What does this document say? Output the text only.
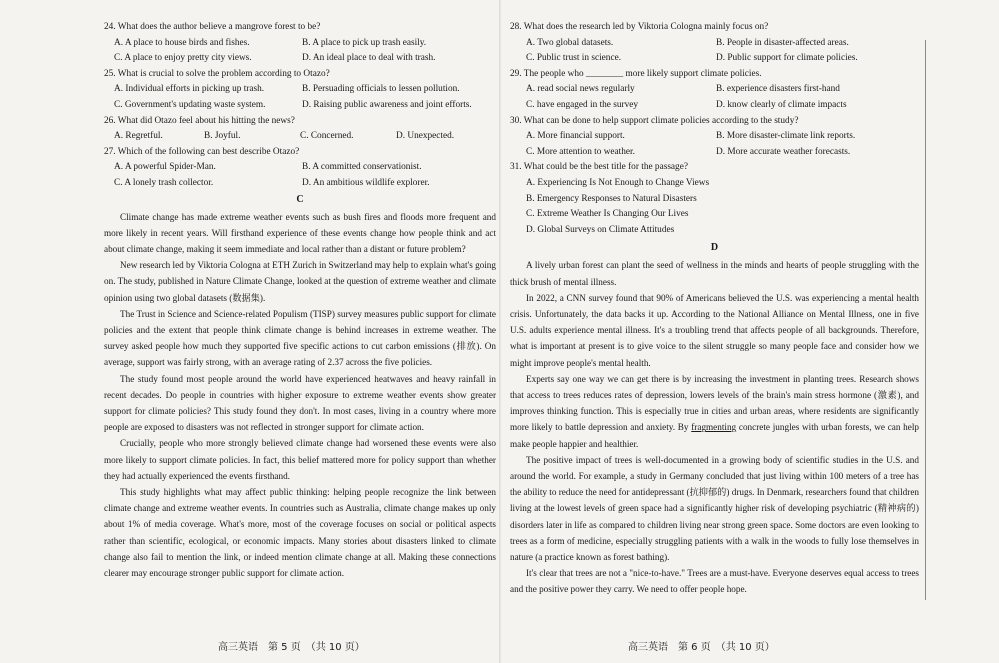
24. What does the author believe a mangrove forest to be?

A. A place to house birds and fishes.	B. A place to pick up trash easily.
C. A place to enjoy pretty city views.	D. An ideal place to deal with trash.

25. What is crucial to solve the problem according to Otazo?

A. Individual efforts in picking up trash.	B. Persuading officials to lessen pollution.
C. Government's updating waste system.	D. Raising public awareness and joint efforts.

26. What did Otazo feel about his hitting the news?

A. Regretful.	B. Joyful.	C. Concerned.	D. Unexpected.

27. Which of the following can best describe Otazo?

A. A powerful Spider-Man.	B. A committed conservationist.
C. A lonely trash collector.	D. An ambitious wildlife explorer.
C

Climate change has made extreme weather events such as bush fires and floods more frequent and more likely in recent years. Will firsthand experience of these events change how people think and act about climate change, making it seem immediate and local rather than a distant or future problem?

New research led by Viktoria Cologna at ETH Zurich in Switzerland may help to explain what's going on. The study, published in Nature Climate Change, looked at the question of extreme weather and climate opinion using two global datasets (数据集).

The Trust in Science and Science-related Populism (TISP) survey measures public support for climate policies and the extent that people think climate change is behind increases in extreme weather. The survey asked people how much they supported five specific actions to cut carbon emissions (排放). On average, support was fairly strong, with an average rating of 2.37 across the five policies.

The study found most people around the world have experienced heatwaves and heavy rainfall in recent decades. Do people in countries with higher exposure to extreme weather events show greater support for climate policies? This study found they don't. In most cases, living in a country where more people are exposed to disasters was not reflected in stronger support for climate action.

Crucially, people who more strongly believed climate change had worsened these events were also more likely to support climate policies. In fact, this belief mattered more for policy support than whether they had actually experienced the events firsthand.

This study highlights what may affect public thinking: helping people recognize the link between climate change and extreme weather events. In countries such as Australia, climate change makes up only about 1% of media coverage. What's more, most of the coverage focuses on social or political aspects rather than scientific, ecological, or economic impacts. Many stories about disasters linked to climate change also fail to mention the link, or indeed mention climate change at all. Making these connections clearer may encourage stronger public support for climate action.

高三英语　第 5 页　（共 10 页）

28. What does the research led by Viktoria Cologna mainly focus on?

A. Two global datasets.	B. People in disaster-affected areas.
C. Public trust in science.	D. Public support for climate policies.

29. The people who ________ more likely support climate policies.

A. read social news regularly	B. experience disasters first-hand
C. have engaged in the survey	D. know clearly of climate impacts

30. What can be done to help support climate policies according to the study?

A. More financial support.	B. More disaster-climate link reports.
C. More attention to weather.	D. More accurate weather forecasts.

31. What could be the best title for the passage?

A. Experiencing Is Not Enough to Change Views
B. Emergency Responses to Natural Disasters
C. Extreme Weather Is Changing Our Lives
D. Global Surveys on Climate Attitudes
D

A lively urban forest can plant the seed of wellness in the minds and hearts of people struggling with the thick brush of mental illness.

In 2022, a CNN survey found that 90% of Americans believed the U.S. was experiencing a mental health crisis. Unfortunately, the data backs it up. According to the National Alliance on Mental Illness, one in five U.S. adults experience mental illness. It's a troubling trend that affects people of all backgrounds. Therefore, what is important at present is to give voice to the silent struggle so many people face and consider how we might improve people's mental health.

Experts say one way we can get there is by increasing the investment in planting trees. Research shows that access to trees reduces rates of depression, lowers levels of the brain's main stress hormone (激素), and improves thinking function. This is especially true in cities and urban areas, where residents are significantly more likely to battle depression and anxiety. By fragmenting concrete jungles with urban forests, we can help make people happier and healthier.

The positive impact of trees is well-documented in a growing body of scientific studies in the U.S. and around the world. For example, a study in Germany concluded that just living within 100 meters of a tree has the ability to reduce the need for antidepressant (抗抑郁的) drugs. In Denmark, researchers found that children living at the lowest levels of green space had a significantly higher risk of developing psychiatric (精神病的) disorders later in life as compared to children living near strong green space. Some doctors are even looking to trees as a form of medicine, especially struggling patients with a walk in the woods to fully lose themselves in nature (a practice known as forest bathing).

It's clear that trees are not a "nice-to-have." Trees are a must-have. Everyone deserves equal access to trees and the positive power they carry. We need to offer people hope.

高三英语　第 6 页　（共 10 页）
